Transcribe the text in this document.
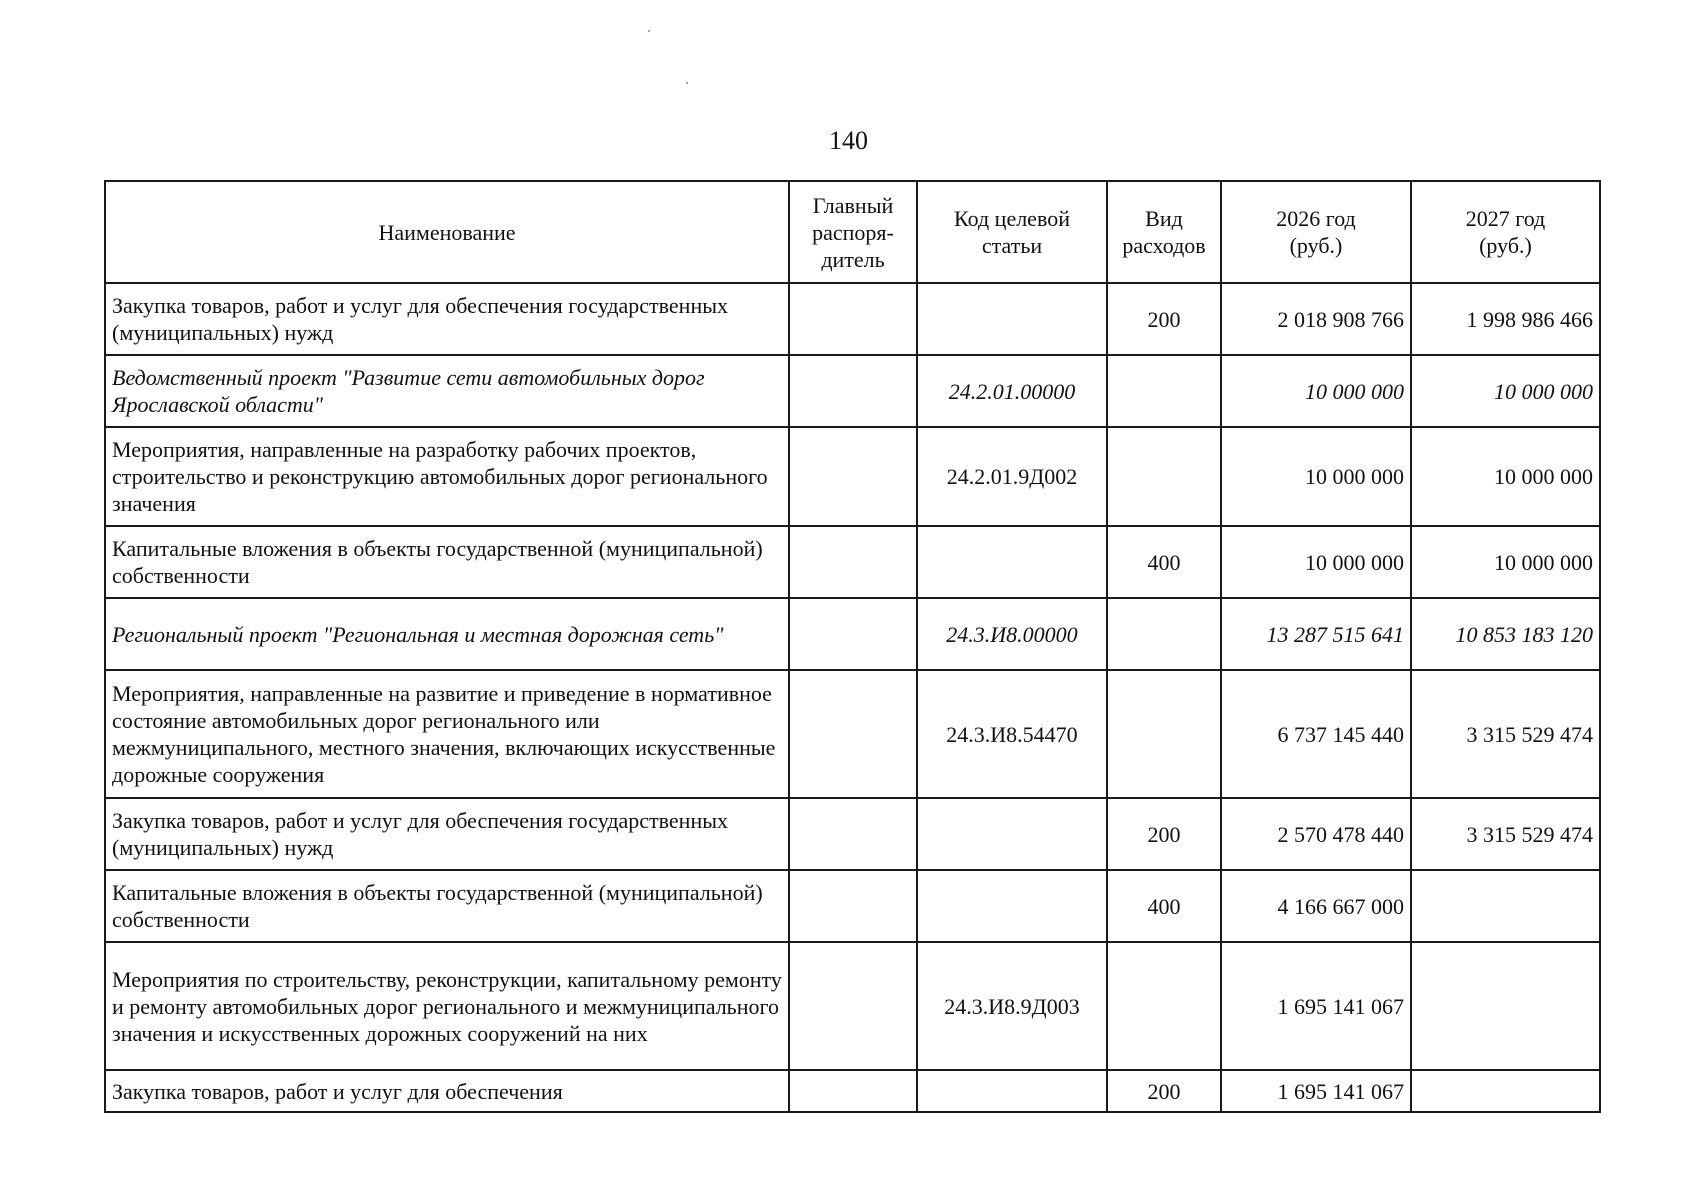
140
Наименование	Главный распоря-дитель	Код целевой статьи	Вид расходов	2026 год (руб.)	2027 год (руб.)
Закупка товаров, работ и услуг для обеспечения государственных (муниципальных) нужд			200	2 018 908 766	1 998 986 466
Ведомственный проект "Развитие сети автомобильных дорог Ярославской области"		24.2.01.00000		10 000 000	10 000 000
Мероприятия, направленные на разработку рабочих проектов, строительство и реконструкцию автомобильных дорог регионального значения		24.2.01.9Д002		10 000 000	10 000 000
Капитальные вложения в объекты государственной (муниципальной) собственности			400	10 000 000	10 000 000
Региональный проект "Региональная и местная дорожная сеть"		24.3.И8.00000		13 287 515 641	10 853 183 120
Мероприятия, направленные на развитие и приведение в нормативное состояние автомобильных дорог регионального или межмуниципального, местного значения, включающих искусственные дорожные сооружения		24.3.И8.54470		6 737 145 440	3 315 529 474
Закупка товаров, работ и услуг для обеспечения государственных (муниципальных) нужд			200	2 570 478 440	3 315 529 474
Капитальные вложения в объекты государственной (муниципальной) собственности			400	4 166 667 000	
Мероприятия по строительству, реконструкции, капитальному ремонту и ремонту автомобильных дорог регионального и межмуниципального значения и искусственных дорожных сооружений на них		24.3.И8.9Д003		1 695 141 067	
Закупка товаров, работ и услуг для обеспечения			200	1 695 141 067	
